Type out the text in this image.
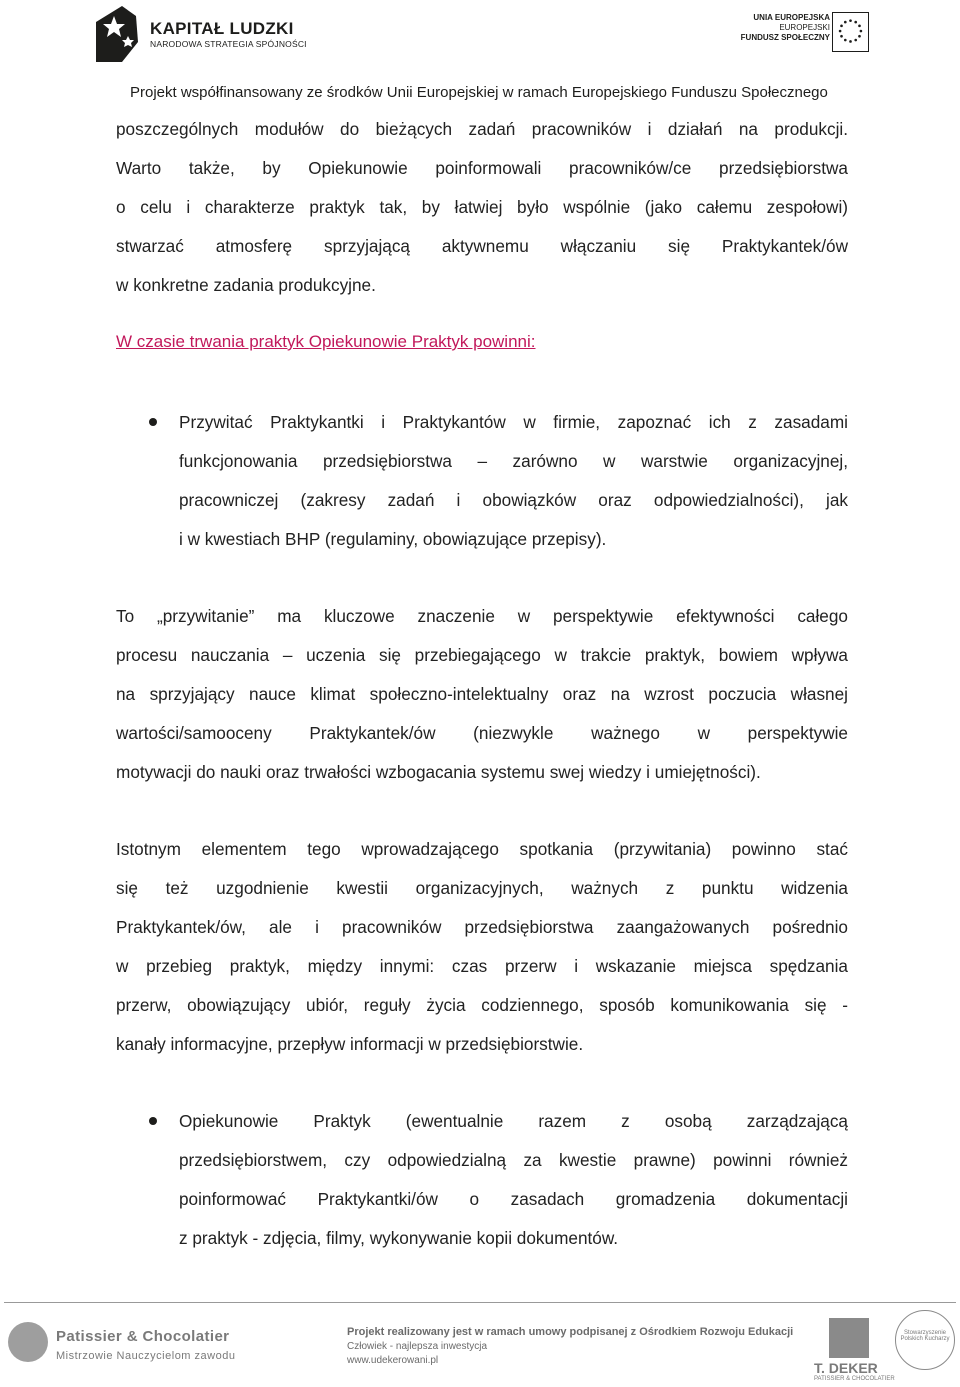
KAPITAŁ LUDZKI
NARODOWA STRATEGIA SPÓJNOŚCI
UNIA EUROPEJSKA
EUROPEJSKI
FUNDUSZ SPOŁECZNY
Projekt współfinansowany ze środków Unii Europejskiej w ramach Europejskiego Funduszu Społecznego
poszczególnych modułów do bieżących zadań pracowników i działań na produkcji.
Warto także, by Opiekunowie poinformowali pracowników/ce przedsiębiorstwa
o celu i charakterze praktyk tak, by łatwiej było wspólnie (jako całemu zespołowi)
stwarzać atmosferę sprzyjającą aktywnemu włączaniu się Praktykantek/ów
w konkretne zadania produkcyjne.
W czasie trwania praktyk Opiekunowie Praktyk powinni:
Przywitać Praktykantki i Praktykantów w firmie, zapoznać ich z zasadami
funkcjonowania przedsiębiorstwa – zarówno w warstwie organizacyjnej,
pracowniczej (zakresy zadań i obowiązków oraz odpowiedzialności), jak
i w kwestiach BHP (regulaminy, obowiązujące przepisy).
To „przywitanie” ma kluczowe znaczenie w perspektywie efektywności całego
procesu nauczania – uczenia się przebiegającego w trakcie praktyk, bowiem wpływa
na sprzyjający nauce klimat społeczno-intelektualny oraz na wzrost poczucia własnej
wartości/samooceny Praktykantek/ów (niezwykle ważnego w perspektywie
motywacji do nauki oraz trwałości wzbogacania systemu swej wiedzy i umiejętności).
Istotnym elementem tego wprowadzającego spotkania (przywitania) powinno stać
się też uzgodnienie kwestii organizacyjnych, ważnych z punktu widzenia
Praktykantek/ów, ale i pracowników przedsiębiorstwa zaangażowanych pośrednio
w przebieg praktyk, między innymi: czas przerw i wskazanie miejsca spędzania
przerw, obowiązujący ubiór, reguły życia codziennego, sposób komunikowania się -
kanały informacyjne, przepływ informacji w przedsiębiorstwie.
Opiekunowie Praktyk (ewentualnie razem z osobą zarządzającą
przedsiębiorstwem, czy odpowiedzialną za kwestie prawne) powinni również
poinformować Praktykantki/ów o zasadach gromadzenia dokumentacji
z praktyk - zdjęcia, filmy, wykonywanie kopii dokumentów.
Patissier & Chocolatier
Mistrzowie Nauczycielom zawodu
Projekt realizowany jest w ramach umowy podpisanej z Ośrodkiem Rozwoju Edukacji
Człowiek - najlepsza inwestycja
www.udekerowani.pl	T. DEKER
PATISSIER & CHOCOLATIER
Stowarzyszenie Polskich Kucharzy
